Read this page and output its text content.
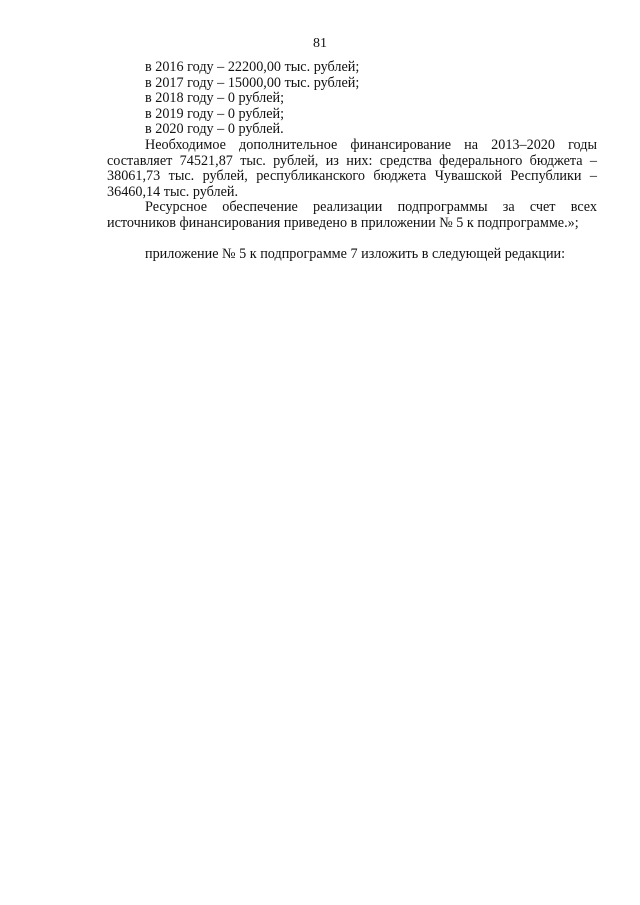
81

в 2016 году – 22200,00 тыс. рублей;

в 2017 году – 15000,00 тыс. рублей;

в 2018 году – 0 рублей;

в 2019 году – 0 рублей;

в 2020 году – 0 рублей.

Необходимое дополнительное финансирование на 2013–2020 годы составляет 74521,87 тыс. рублей, из них: средства федерального бюджета – 38061,73 тыс. рублей, республиканского бюджета Чувашской Республики – 36460,14 тыс. рублей.

Ресурсное обеспечение реализации подпрограммы за счет всех источников финансирования приведено в приложении № 5 к подпрограмме.»;

приложение № 5 к подпрограмме 7 изложить в следующей редакции:
